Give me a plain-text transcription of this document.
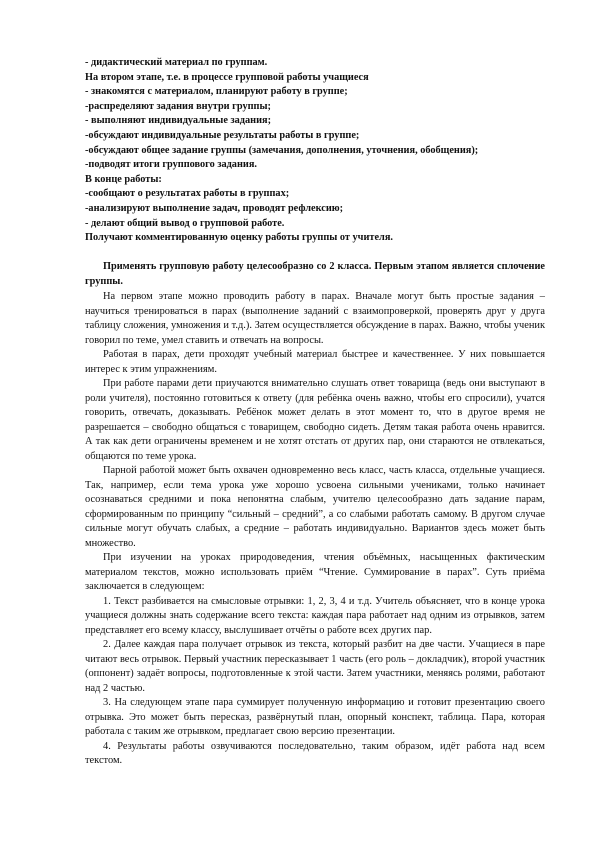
- дидактический материал по группам.
На втором этапе, т.е. в процессе групповой работы учащиеся
- знакомятся с материалом, планируют работу в группе;
-распределяют задания внутри группы;
- выполняют индивидуальные задания;
-обсуждают индивидуальные результаты работы в группе;
-обсуждают общее задание группы (замечания, дополнения, уточнения, обобщения);
-подводят итоги группового задания.
В конце работы:
-сообщают о результатах работы в группах;
-анализируют выполнение задач, проводят рефлексию;
- делают общий вывод о групповой работе.
Получают комментированную оценку работы группы от учителя.
Применять групповую работу целесообразно со 2 класса. Первым этапом является сплочение группы.

На первом этапе можно проводить работу в парах. Вначале могут быть простые задания – научиться тренироваться в парах (выполнение заданий с взаимопроверкой, проверять друг у друга таблицу сложения, умножения и т.д.). Затем осуществляется обсуждение в парах. Важно, чтобы ученик говорил по теме, умел ставить и отвечать на вопросы.

Работая в парах, дети проходят учебный материал быстрее и качественнее. У них повышается интерес к этим упражнениям.

При работе парами дети приучаются внимательно слушать ответ товарища (ведь они выступают в роли учителя), постоянно готовиться к ответу (для ребёнка очень важно, чтобы его спросили), учатся говорить, отвечать, доказывать. Ребёнок может делать в этот момент то, что в другое время не разрешается – свободно общаться с товарищем, свободно сидеть. Детям такая работа очень нравится. А так как дети ограничены временем и не хотят отстать от других пар, они стараются не отвлекаться, общаются по теме урока.

Парной работой может быть охвачен одновременно весь класс, часть класса, отдельные учащиеся. Так, например, если тема урока уже хорошо усвоена сильными учениками, только начинает осознаваться средними и пока непонятна слабым, учителю целесообразно дать задание парам, сформированным по принципу “сильный – средний”, а со слабыми работать самому. В другом случае сильные могут обучать слабых, а средние – работать индивидуально. Вариантов здесь может быть множество.

При изучении на уроках природоведения, чтения объёмных, насыщенных фактическим материалом текстов, можно использовать приём “Чтение. Суммирование в парах”. Суть приёма заключается в следующем:

1. Текст разбивается на смысловые отрывки: 1, 2, 3, 4 и т.д. Учитель объясняет, что в конце урока учащиеся должны знать содержание всего текста: каждая пара работает над одним из отрывков, затем представляет его всему классу, выслушивает отчёты о работе всех других пар.

2. Далее каждая пара получает отрывок из текста, который разбит на две части. Учащиеся в паре читают весь отрывок. Первый участник пересказывает 1 часть (его роль – докладчик), второй участник (оппонент) задаёт вопросы, подготовленные к этой части. Затем участники, меняясь ролями, работают над 2 частью.

3. На следующем этапе пара суммирует полученную информацию и готовит презентацию своего отрывка. Это может быть пересказ, развёрнутый план, опорный конспект, таблица. Пара, которая работала с таким же отрывком, предлагает свою версию презентации.

4. Результаты работы озвучиваются последовательно, таким образом, идёт работа над всем текстом.
